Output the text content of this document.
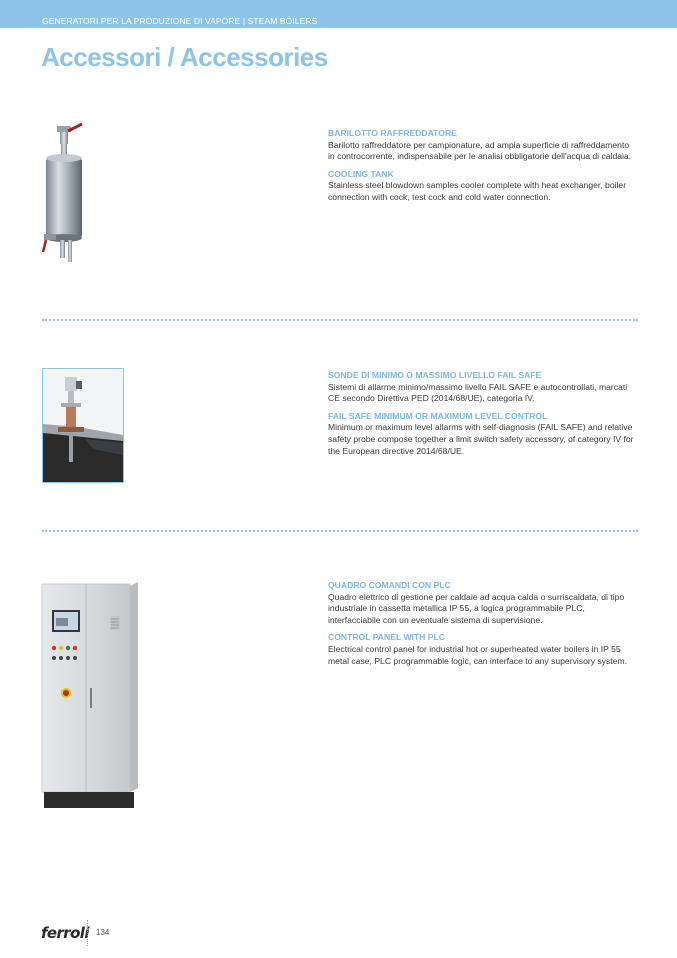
GENERATORI PER LA PRODUZIONE DI VAPORE | STEAM BOILERS
Accessori / Accessories
BARILOTTO RAFFREDDATORE
Barilotto raffreddatore per campionature, ad ampia superficie di raffreddamento in controcorrente, indispensabile per le analisi obbligatorie dell'acqua di caldaia.
COOLING TANK
Stainless steel blowdown samples cooler complete with heat exchanger, boiler connection with cock, test cock and cold water connection.
SONDE DI MINIMO O MASSIMO LIVELLO FAIL SAFE
Sistemi di allarme minimo/massimo livello FAIL SAFE e autocontrollati, marcati CE secondo Direttiva PED (2014/68/UE), categoria IV.
FAIL SAFE MINIMUM OR MAXIMUM LEVEL CONTROL
Minimum or maximum level allarms with self-diagnosis (FAIL SAFE) and relative safety probe compose together a limit switch safety accessory, of category IV for the European directive 2014/68/UE.
QUADRO COMANDI CON PLC
Quadro elettrico di gestione per caldaie ad acqua calda o surriscaldata, di tipo industriale in cassetta metallica IP 55, a logica programmabile PLC, interfacciabile con un eventuale sistema di supervisione.
CONTROL PANEL WITH PLC
Electrical control panel for industrial hot or superheated water boilers in IP 55 metal case, PLC programmable logic, can interface to any supervisory system.
ferroli 134
